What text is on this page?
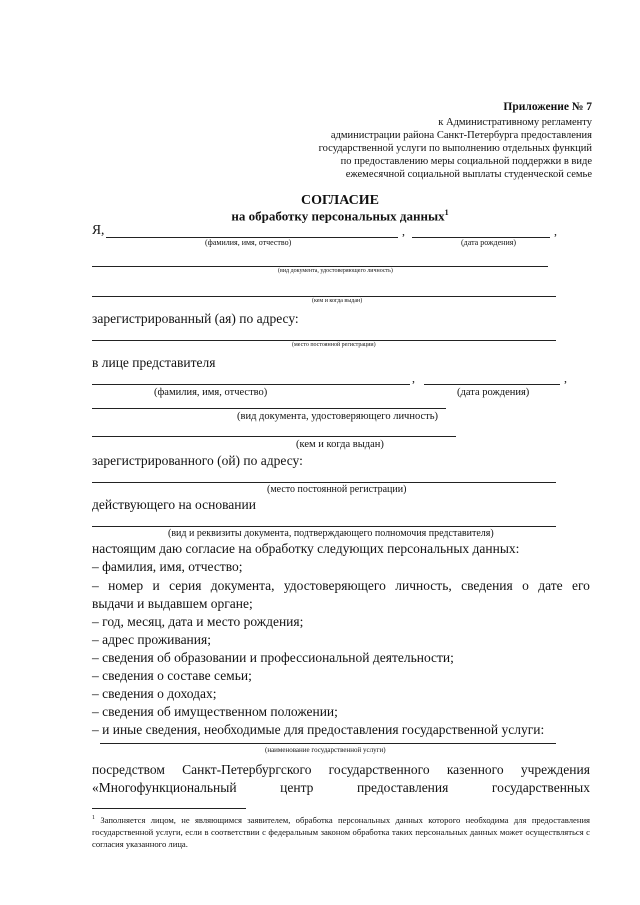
Приложение № 7
к Административному регламенту
администрации района Санкт-Петербурга предоставления
государственной услуги по выполнению отдельных функций
по предоставлению меры социальной поддержки в виде
ежемесячной социальной выплаты студенческой семье
СОГЛАСИЕ
на обработку персональных данных$^1$
Я,	,	,
(фамилия, имя, отчество)	(дата рождения)
(вид документа, удостоверяющего личность)
(кем и когда выдан)
зарегистрированный (ая) по адресу:
(место постоянной регистрации)
в лице представителя
,	,
(фамилия, имя, отчество)	(дата рождения)
(вид документа, удостоверяющего личность)
(кем и когда выдан)
зарегистрированного (ой) по адресу:
(место постоянной регистрации)
действующего на основании
(вид и реквизиты документа, подтверждающего полномочия представителя)
настоящим даю согласие на обработку следующих персональных данных:
– фамилия, имя, отчество;
– номер и серия документа, удостоверяющего личность, сведения о дате его
выдачи и выдавшем органе;
– год, месяц, дата и место рождения;
– адрес проживания;
– сведения об образовании и профессиональной деятельности;
– сведения о составе семьи;
– сведения о доходах;
– сведения об имущественном положении;
– и иные сведения, необходимые для предоставления государственной услуги:
(наименование государственной услуги)
посредством Санкт-Петербургского государственного казенного учреждения
«Многофункциональный	центр	предоставления	государственных
$^1$ Заполняется лицом, не являющимся заявителем, обработка персональных данных которого необходима для предоставления государственной услуги, если в соответствии с федеральным законом обработка таких персональных данных может осуществляться с согласия указанного лица.
